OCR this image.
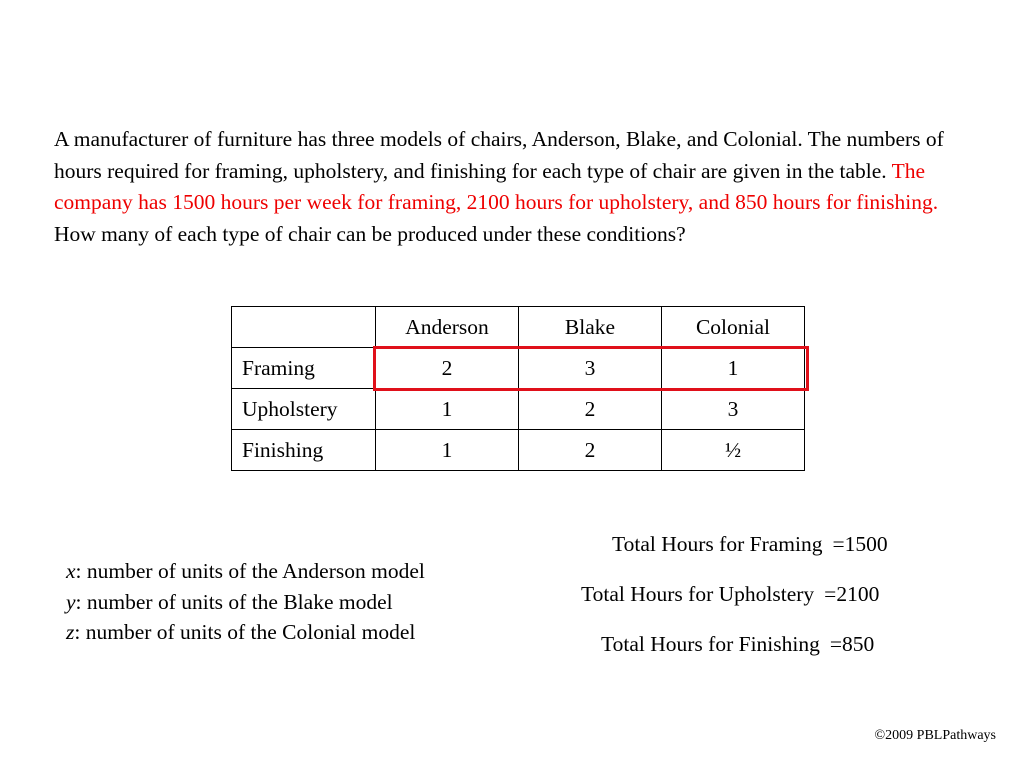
A manufacturer of furniture has three models of chairs, Anderson, Blake, and Colonial. The numbers of hours required for framing, upholstery, and finishing for each type of chair are given in the table. The company has 1500 hours per week for framing, 2100 hours for upholstery, and 850 hours for finishing. How many of each type of chair can be produced under these conditions?
	Anderson	Blake	Colonial
Framing	2	3	1
Upholstery	1	2	3
Finishing	1	2	½
x: number of units of the Anderson model
y: number of units of the Blake model
z: number of units of the Colonial model
Total Hours for Framing =1500
Total Hours for Upholstery =2100
Total Hours for Finishing =850
©2009 PBLPathways
